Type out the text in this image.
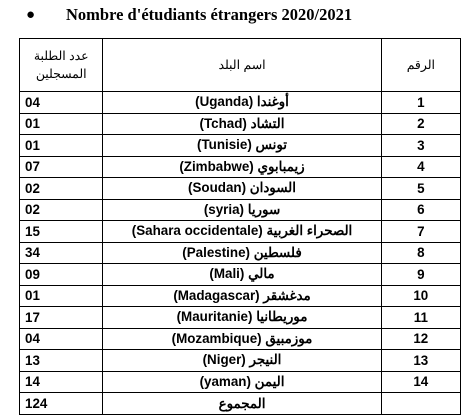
●	Nombre d'étudiants étrangers 2020/2021
عدد الطلبة المسجلين	اسم البلد	الرقم
04	أوغندا (Uganda)	1
01	التشاد (Tchad)	2
01	تونس (Tunisie)	3
07	زيمبابوي (Zimbabwe)	4
02	السودان (Soudan)	5
02	سوريا (syria)	6
15	الصحراء الغربية (Sahara occidentale)	7
34	فلسطين (Palestine)	8
09	مالي (Mali)	9
01	مدغشقر (Madagascar)	10
17	موريطانيا (Mauritanie)	11
04	موزمبيق (Mozambique)	12
13	النيجر (Niger)	13
14	اليمن (yaman)	14
124	المجموع	
